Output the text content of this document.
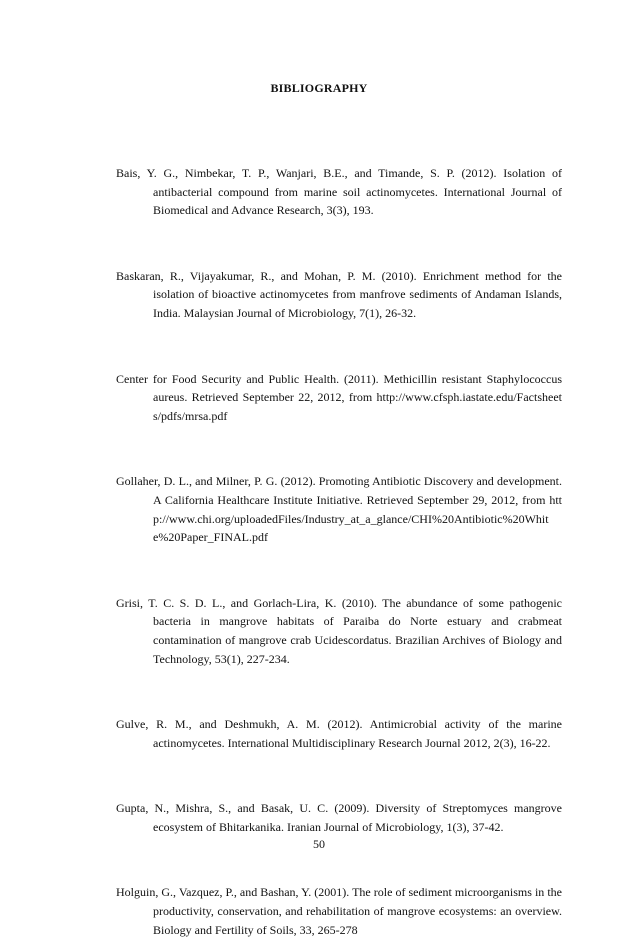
BIBLIOGRAPHY

Bais, Y. G., Nimbekar, T. P., Wanjari, B.E., and Timande, S. P. (2012). Isolation of antibacterial compound from marine soil actinomycetes. International Journal of Biomedical and Advance Research, 3(3), 193.

Baskaran, R., Vijayakumar, R., and Mohan, P. M. (2010). Enrichment method for the isolation of bioactive actinomycetes from manfrove sediments of Andaman Islands, India. Malaysian Journal of Microbiology, 7(1), 26-32.

Center for Food Security and Public Health. (2011). Methicillin resistant Staphylococcus aureus. Retrieved September 22, 2012, from http://www.cfsph.iastate.edu/Factsheets/pdfs/mrsa.pdf

Gollaher, D. L., and Milner, P. G. (2012). Promoting Antibiotic Discovery and development. A California Healthcare Institute Initiative. Retrieved September 29, 2012, from http://www.chi.org/uploadedFiles/Industry_at_a_glance/CHI%20Antibiotic%20White%20Paper_FINAL.pdf

Grisi, T. C. S. D. L., and Gorlach-Lira, K. (2010). The abundance of some pathogenic bacteria in mangrove habitats of Paraiba do Norte estuary and crabmeat contamination of mangrove crab Ucidescordatus. Brazilian Archives of Biology and Technology, 53(1), 227-234.

Gulve, R. M., and Deshmukh, A. M. (2012). Antimicrobial activity of the marine actinomycetes. International Multidisciplinary Research Journal 2012, 2(3), 16-22.

Gupta, N., Mishra, S., and Basak, U. C. (2009). Diversity of Streptomyces mangrove ecosystem of Bhitarkanika. Iranian Journal of Microbiology, 1(3), 37-42.

Holguin, G., Vazquez, P., and Bashan, Y. (2001). The role of sediment microorganisms in the productivity, conservation, and rehabilitation of mangrove ecosystems: an overview. Biology and Fertility of Soils, 33, 265-278

50
